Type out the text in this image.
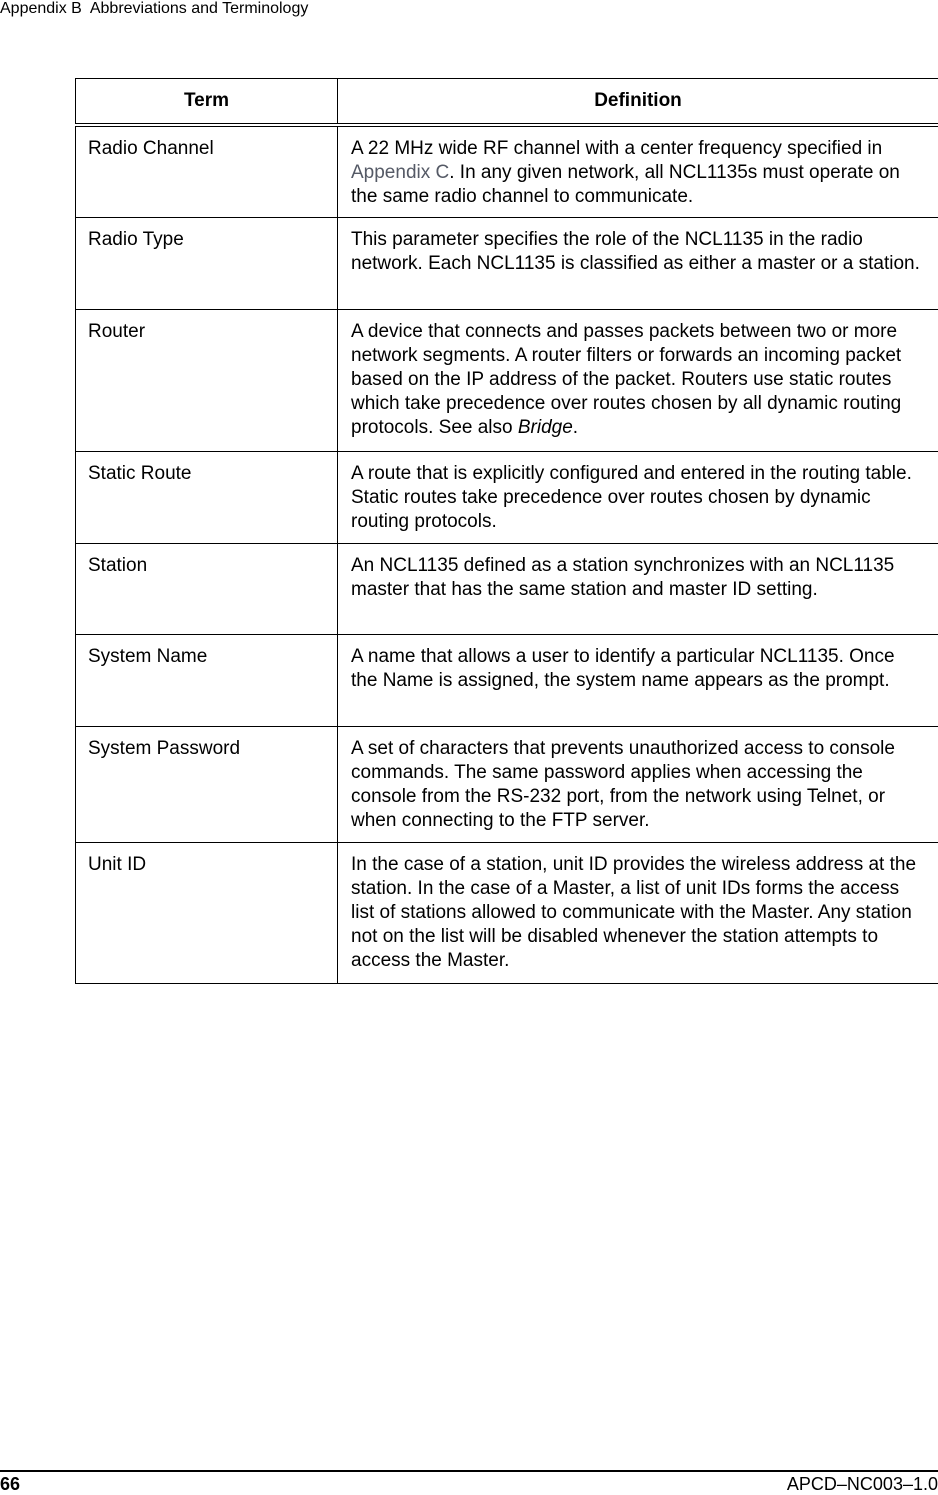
Appendix B  Abbreviations and Terminology
Term	Definition
Radio Channel	A 22 MHz wide RF channel with a center frequency specified in Appendix C. In any given network, all NCL1135s must operate on the same radio channel to communicate.
Radio Type	This parameter specifies the role of the NCL1135 in the radio network. Each NCL1135 is classified as either a master or a station.
Router	A device that connects and passes packets between two or more network segments. A router filters or forwards an incoming packet based on the IP address of the packet. Routers use static routes which take precedence over routes chosen by all dynamic routing protocols. See also Bridge.
Static Route	A route that is explicitly configured and entered in the routing table. Static routes take precedence over routes chosen by dynamic routing protocols.
Station	An NCL1135 defined as a station synchronizes with an NCL1135 master that has the same station and master ID setting.
System Name	A name that allows a user to identify a particular NCL1135. Once the Name is assigned, the system name appears as the prompt.
System Password	A set of characters that prevents unauthorized access to console commands. The same password applies when accessing the console from the RS-232 port, from the network using Telnet, or when connecting to the FTP server.
Unit ID	In the case of a station, unit ID provides the wireless address at the station. In the case of a Master, a list of unit IDs forms the access list of stations allowed to communicate with the Master. Any station not on the list will be disabled whenever the station attempts to access the Master.
66	APCD–NC003–1.0
